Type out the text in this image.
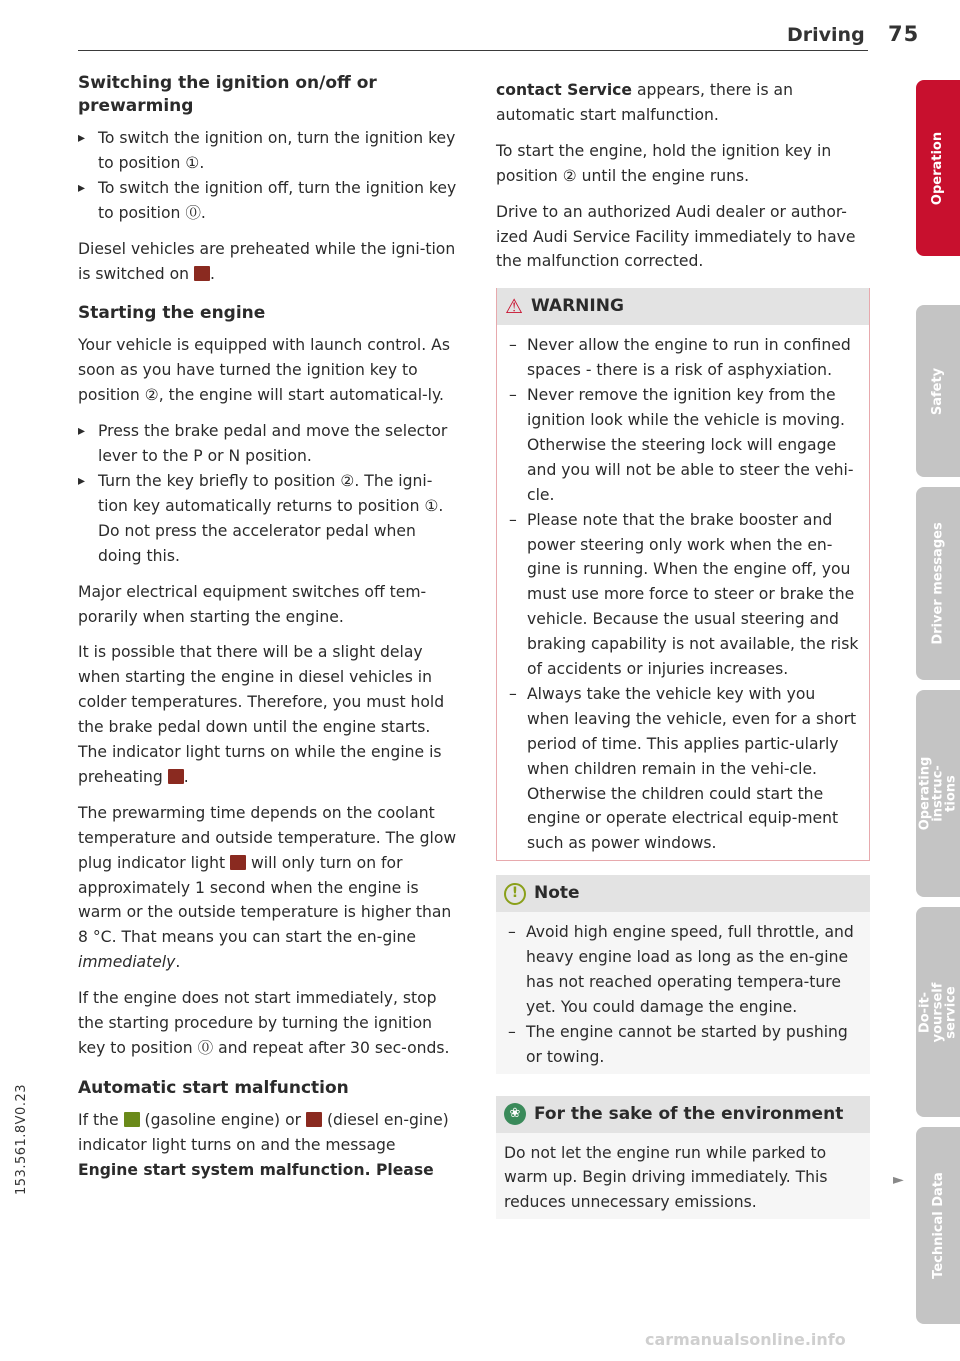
Driving 75
Switching the ignition on/off or prewarming

▸ To switch the ignition on, turn the ignition key to position ①.

▸ To switch the ignition off, turn the ignition key to position ⓪.

Diesel vehicles are preheated while the igni-tion is switched on .

Starting the engine

Your vehicle is equipped with launch control. As soon as you have turned the ignition key to position ②, the engine will start automatical-ly.

▸ Press the brake pedal and move the selector lever to the P or N position.

▸ Turn the key briefly to position ②. The igni-tion key automatically returns to position ①. Do not press the accelerator pedal when doing this.

Major electrical equipment switches off tem-porarily when starting the engine.

It is possible that there will be a slight delay when starting the engine in diesel vehicles in colder temperatures. Therefore, you must hold the brake pedal down until the engine starts. The indicator light turns on while the engine is preheating .

The prewarming time depends on the coolant temperature and outside temperature. The glow plug indicator light  will only turn on for approximately 1 second when the engine is warm or the outside temperature is higher than 8 °C. That means you can start the en-gine immediately.

If the engine does not start immediately, stop the starting procedure by turning the ignition key to position ⓪ and repeat after 30 sec-onds.

Automatic start malfunction

If the  (gasoline engine) or  (diesel en-gine) indicator light turns on and the message Engine start system malfunction. Please

contact Service appears, there is an automatic start malfunction.

To start the engine, hold the ignition key in position ② until the engine runs.

Drive to an authorized Audi dealer or author-ized Audi Service Facility immediately to have the malfunction corrected.

⚠ WARNING

– Never allow the engine to run in confined spaces - there is a risk of asphyxiation.

– Never remove the ignition key from the ignition look while the vehicle is moving. Otherwise the steering lock will engage and you will not be able to steer the vehi-cle.

– Please note that the brake booster and power steering only work when the en-gine is running. When the engine off, you must use more force to steer or brake the vehicle. Because the usual steering and braking capability is not available, the risk of accidents or injuries increases.

– Always take the vehicle key with you when leaving the vehicle, even for a short period of time. This applies partic-ularly when children remain in the vehi-cle. Otherwise the children could start the engine or operate electrical equip-ment such as power windows.

! Note

– Avoid high engine speed, full throttle, and heavy engine load as long as the en-gine has not reached operating tempera-ture yet. You could damage the engine.

– The engine cannot be started by pushing or towing.

❀ For the sake of the environment

Do not let the engine run while parked to warm up. Begin driving immediately. This reduces unnecessary emissions.

►
Operation
Safety
Driver messages
Operating instruc-tions
Do-it-yourself service
Technical Data
153.561.8V0.23
carmanualsonline.info
